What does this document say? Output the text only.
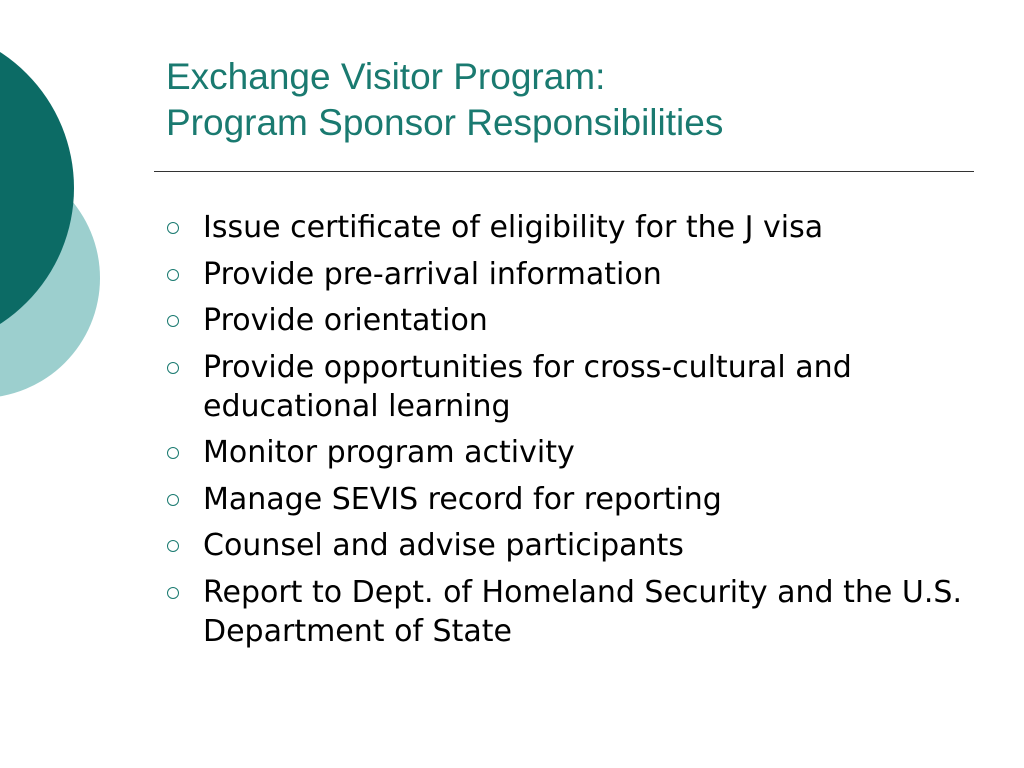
Exchange Visitor Program:
Program Sponsor Responsibilities
Issue certificate of eligibility for the J visa
Provide pre-arrival information
Provide orientation
Provide opportunities for cross-cultural and educational learning
Monitor program activity
Manage SEVIS record for reporting
Counsel and advise participants
Report to Dept. of Homeland Security and the U.S. Department of State
